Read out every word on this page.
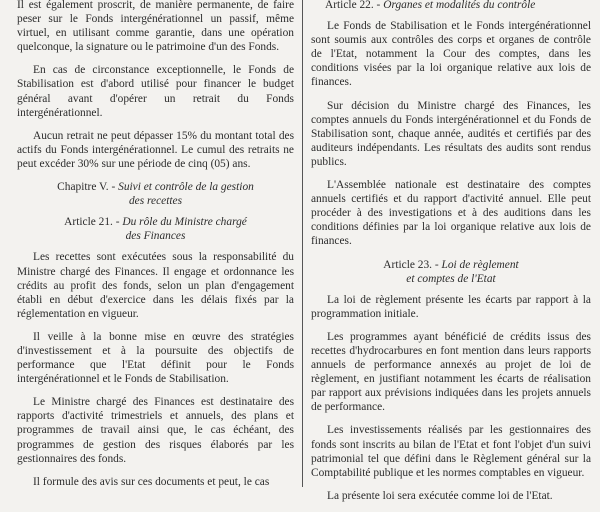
Il est également proscrit, de manière permanente, de faire peser sur le Fonds intergénérationnel un passif, même virtuel, en utilisant comme garantie, dans une opération quelconque, la signature ou le patrimoine d'un des Fonds.

En cas de circonstance exceptionnelle, le Fonds de Stabilisation est d'abord utilisé pour financer le budget général avant d'opérer un retrait du Fonds intergénérationnel.

Aucun retrait ne peut dépasser 15% du montant total des actifs du Fonds intergénérationnel. Le cumul des retraits ne peut excéder 30% sur une période de cinq (05) ans.

Chapitre V. - Suivi et contrôle de la gestion
des recettes
Article 21. - Du rôle du Ministre chargé
des Finances

Les recettes sont exécutées sous la responsabilité du Ministre chargé des Finances. Il engage et ordonnance les crédits au profit des fonds, selon un plan d'engagement établi en début d'exercice dans les délais fixés par la réglementation en vigueur.

Il veille à la bonne mise en œuvre des stratégies d'investissement et à la poursuite des objectifs de performance que l'Etat définit pour le Fonds intergénérationnel et le Fonds de Stabilisation.

Le Ministre chargé des Finances est destinataire des rapports d'activité trimestriels et annuels, des plans et programmes de travail ainsi que, le cas échéant, des programmes de gestion des risques élaborés par les gestionnaires des fonds.

Il formule des avis sur ces documents et peut, le cas

Article 22. - Organes et modalités du contrôle

Le Fonds de Stabilisation et le Fonds intergénérationnel sont soumis aux contrôles des corps et organes de contrôle de l'Etat, notamment la Cour des comptes, dans les conditions visées par la loi organique relative aux lois de finances.

Sur décision du Ministre chargé des Finances, les comptes annuels du Fonds intergénérationnel et du Fonds de Stabilisation sont, chaque année, audités et certifiés par des auditeurs indépendants. Les résultats des audits sont rendus publics.

L'Assemblée nationale est destinataire des comptes annuels certifiés et du rapport d'activité annuel. Elle peut procéder à des investigations et à des auditions dans les conditions définies par la loi organique relative aux lois de finances.

Article 23. - Loi de règlement
et comptes de l'Etat

La loi de règlement présente les écarts par rapport à la programmation initiale.

Les programmes ayant bénéficié de crédits issus des recettes d'hydrocarbures en font mention dans leurs rapports annuels de performance annexés au projet de loi de règlement, en justifiant notamment les écarts de réalisation par rapport aux prévisions indiquées dans les projets annuels de performance.

Les investissements réalisés par les gestionnaires des fonds sont inscrits au bilan de l'Etat et font l'objet d'un suivi patrimonial tel que défini dans le Règlement général sur la Comptabilité publique et les normes comptables en vigueur.

La présente loi sera exécutée comme loi de l'Etat.
